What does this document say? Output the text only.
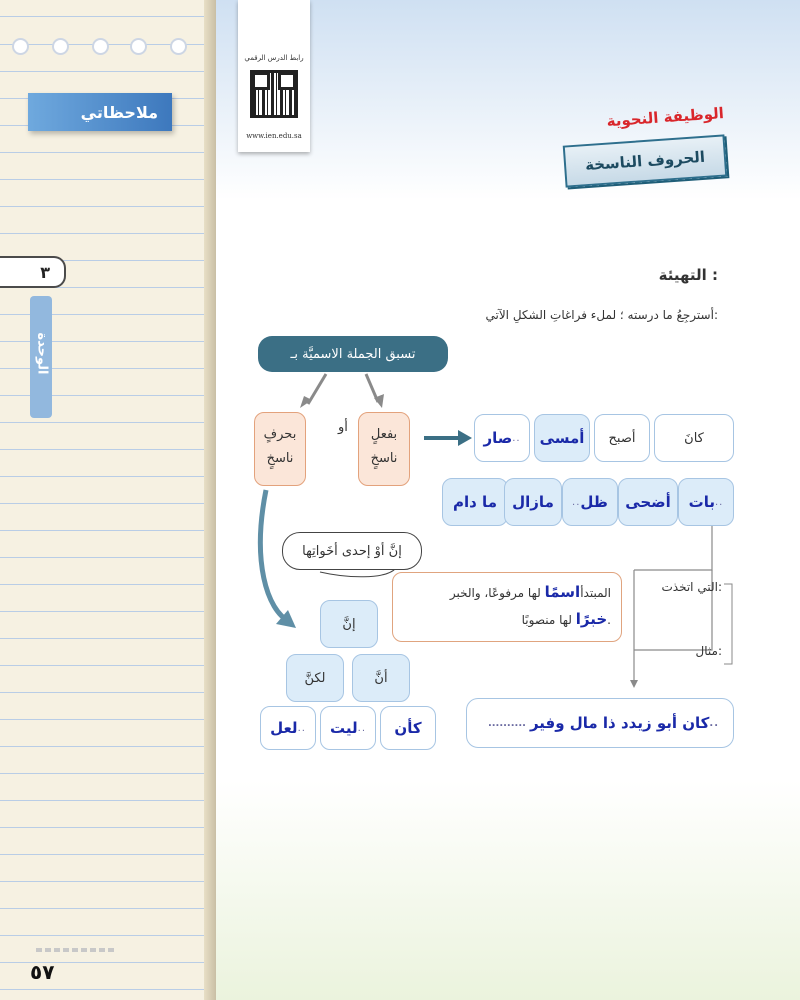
ملاحظاتي
٣
الوحدة
٥٧
رابط الدرس الرقمي
www.ien.edu.sa
الوظيفة النحوية
الحروف الناسخة
التهيئة :
أسترجِعُ ما درسته ؛ لملء فراغاتِ الشكلِ الآتي:
تسبق الجملة الاسميَّة بـ
بحرفٍ
ناسخٍ
أو	بفعلٍ
ناسخٍ
صار .. أمسى أصبح	كانَ
ما دام مازال .. ظل أضحى بات ..
التي اتخذت:
مثال:
المبتدأاسمًا لها مرفوعًا، والخبر
خبرًا لها منصوبًا.
.......... كان أبو زيدد ذا مال وفير ..
إنَّ أوْ إحدى أخَواتِها
إنَّ
أنَّ
لكنَّ
كأن
ليت ..
لعل ..
